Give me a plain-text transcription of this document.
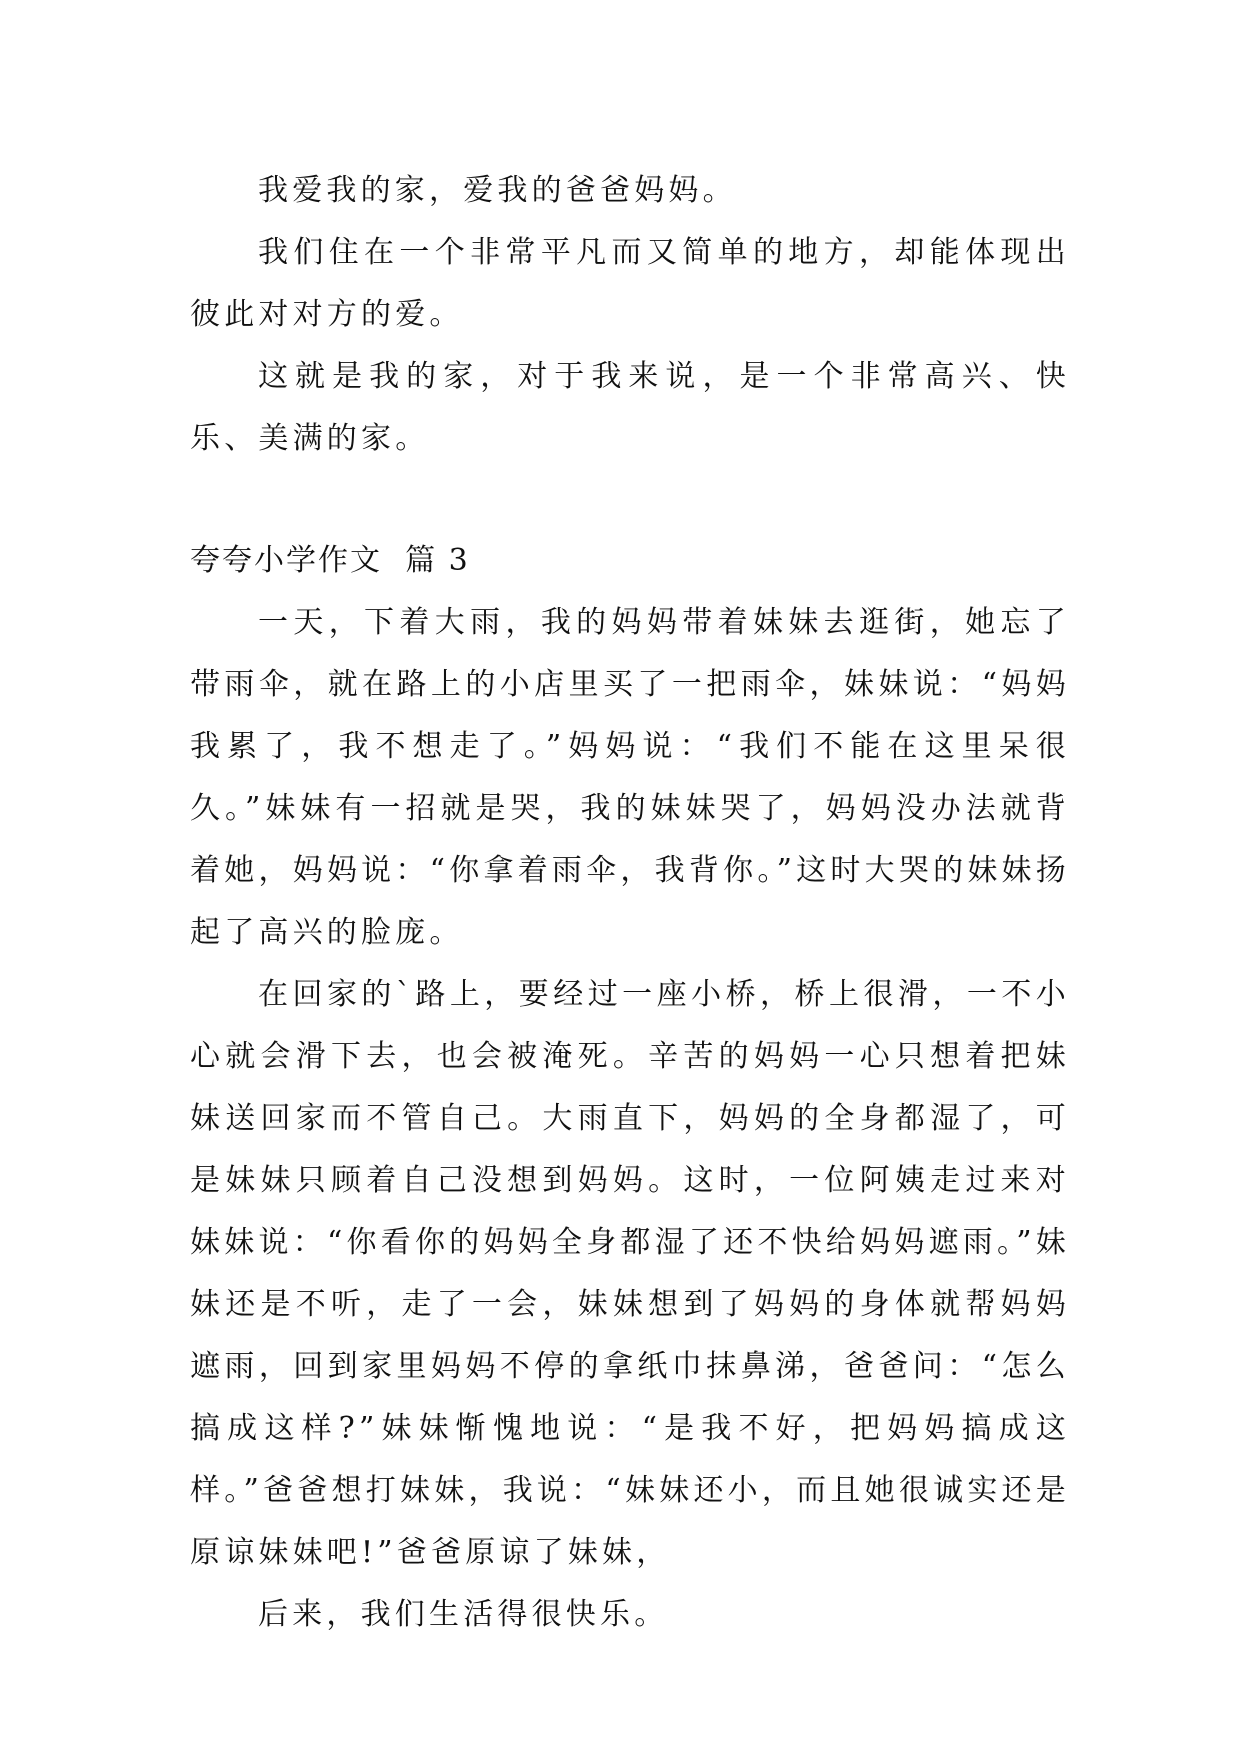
我爱我的家，爱我的爸爸妈妈。

我们住在一个非常平凡而又简单的地方，却能体现出彼此对对方的爱。

这就是我的家，对于我来说，是一个非常高兴、快乐、美满的家。

夸夸小学作文  篇 3

一天，下着大雨，我的妈妈带着妹妹去逛街，她忘了带雨伞，就在路上的小店里买了一把雨伞，妹妹说：“妈妈我累了，我不想走了。”妈妈说：“我们不能在这里呆很久。”妹妹有一招就是哭，我的妹妹哭了，妈妈没办法就背着她，妈妈说：“你拿着雨伞，我背你。”这时大哭的妹妹扬起了高兴的脸庞。

在回家的`路上，要经过一座小桥，桥上很滑，一不小心就会滑下去，也会被淹死。辛苦的妈妈一心只想着把妹妹送回家而不管自己。大雨直下，妈妈的全身都湿了，可是妹妹只顾着自己没想到妈妈。这时，一位阿姨走过来对妹妹说：“你看你的妈妈全身都湿了还不快给妈妈遮雨。”妹妹还是不听，走了一会，妹妹想到了妈妈的身体就帮妈妈遮雨，回到家里妈妈不停的拿纸巾抹鼻涕，爸爸问：“怎么搞成这样?”妹妹惭愧地说：“是我不好，把妈妈搞成这样。”爸爸想打妹妹，我说：“妹妹还小，而且她很诚实还是原谅妹妹吧!”爸爸原谅了妹妹，

后来，我们生活得很快乐。
